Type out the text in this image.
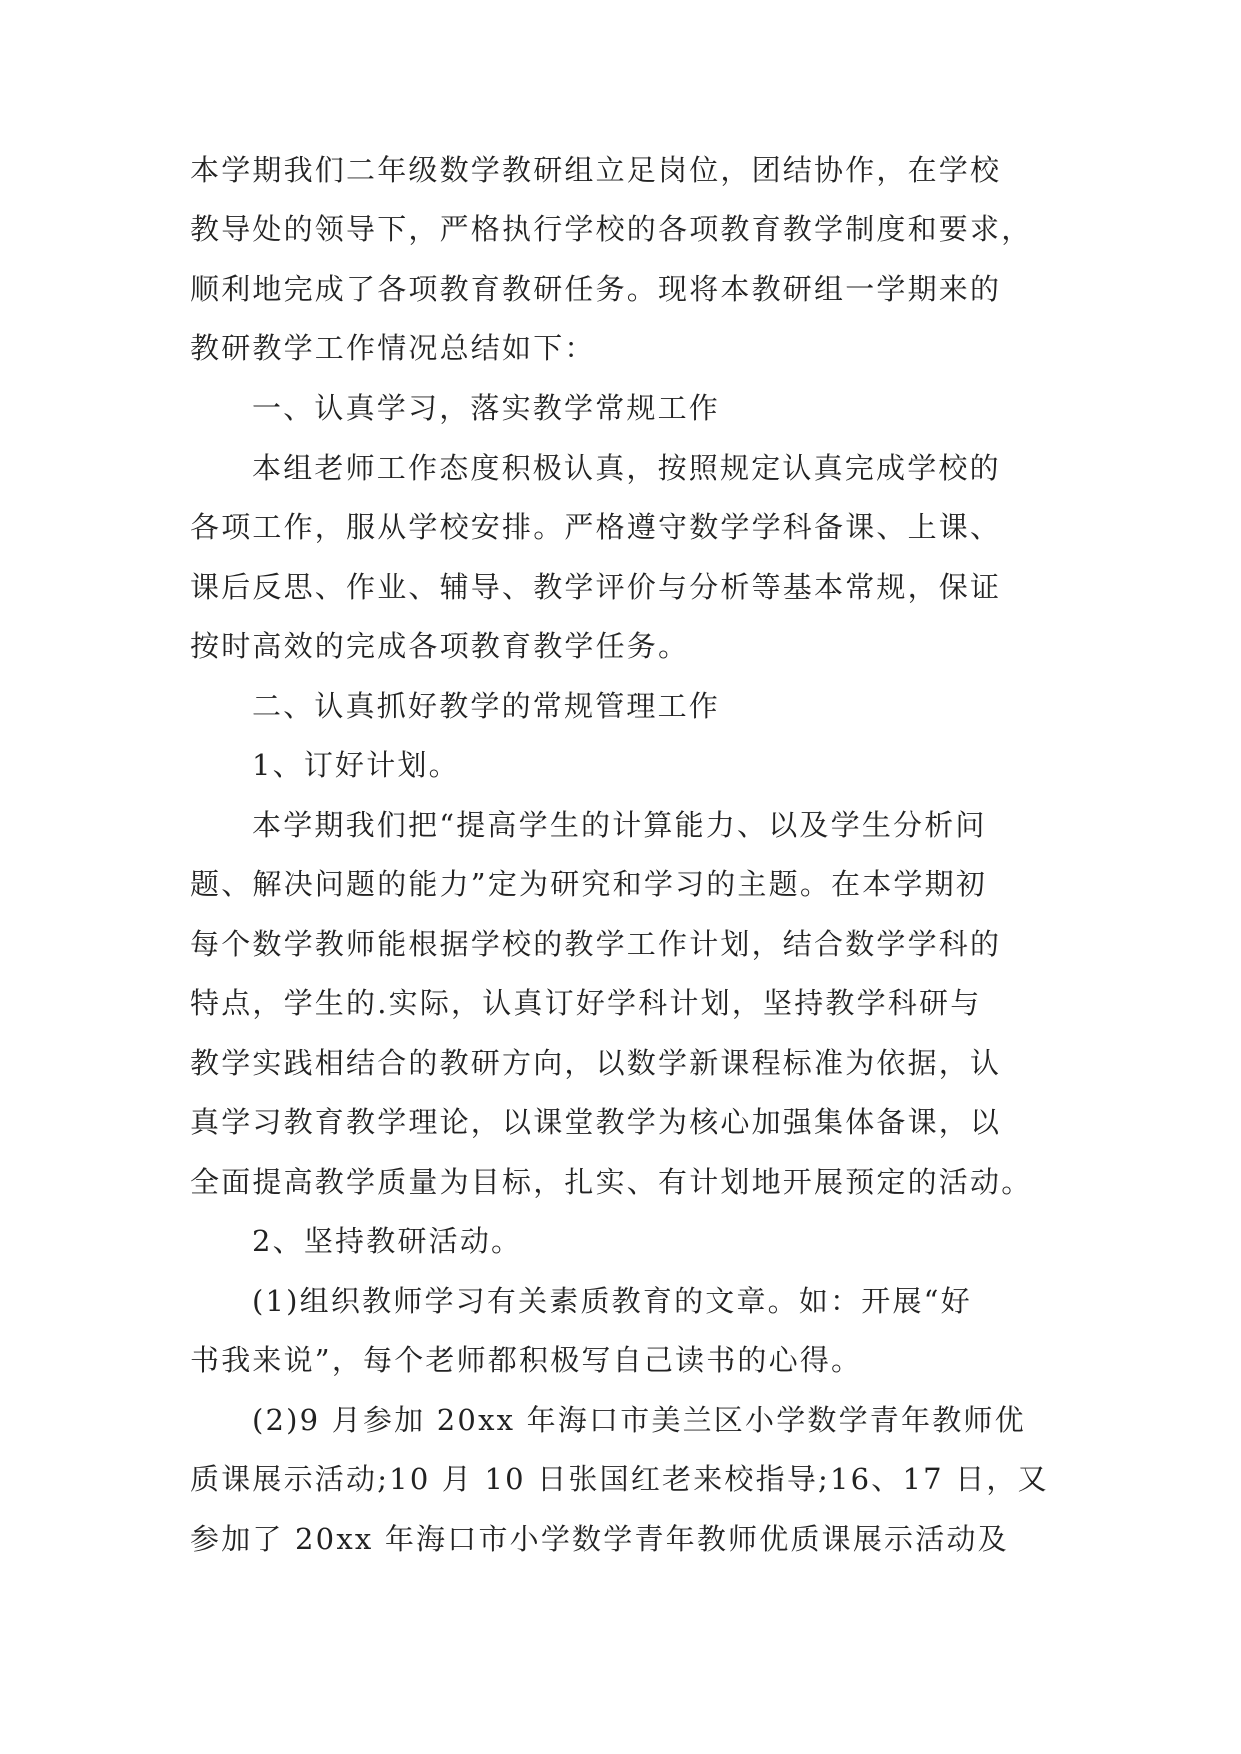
本学期我们二年级数学教研组立足岗位，团结协作，在学校
教导处的领导下，严格执行学校的各项教育教学制度和要求，
顺利地完成了各项教育教研任务。现将本教研组一学期来的
教研教学工作情况总结如下：
一、认真学习，落实教学常规工作
本组老师工作态度积极认真，按照规定认真完成学校的
各项工作，服从学校安排。严格遵守数学学科备课、上课、
课后反思、作业、辅导、教学评价与分析等基本常规，保证
按时高效的完成各项教育教学任务。
二、认真抓好教学的常规管理工作
1、订好计划。
本学期我们把“提高学生的计算能力、以及学生分析问
题、解决问题的能力”定为研究和学习的主题。在本学期初
每个数学教师能根据学校的教学工作计划，结合数学学科的
特点，学生的.实际，认真订好学科计划，坚持教学科研与
教学实践相结合的教研方向，以数学新课程标准为依据，认
真学习教育教学理论，以课堂教学为核心加强集体备课，以
全面提高教学质量为目标，扎实、有计划地开展预定的活动。
2、坚持教研活动。
(1)组织教师学习有关素质教育的文章。如：开展“好
书我来说”，每个老师都积极写自己读书的心得。
(2)9 月参加 20xx 年海口市美兰区小学数学青年教师优
质课展示活动;10 月 10 日张国红老来校指导;16、17 日，又
参加了 20xx 年海口市小学数学青年教师优质课展示活动及
